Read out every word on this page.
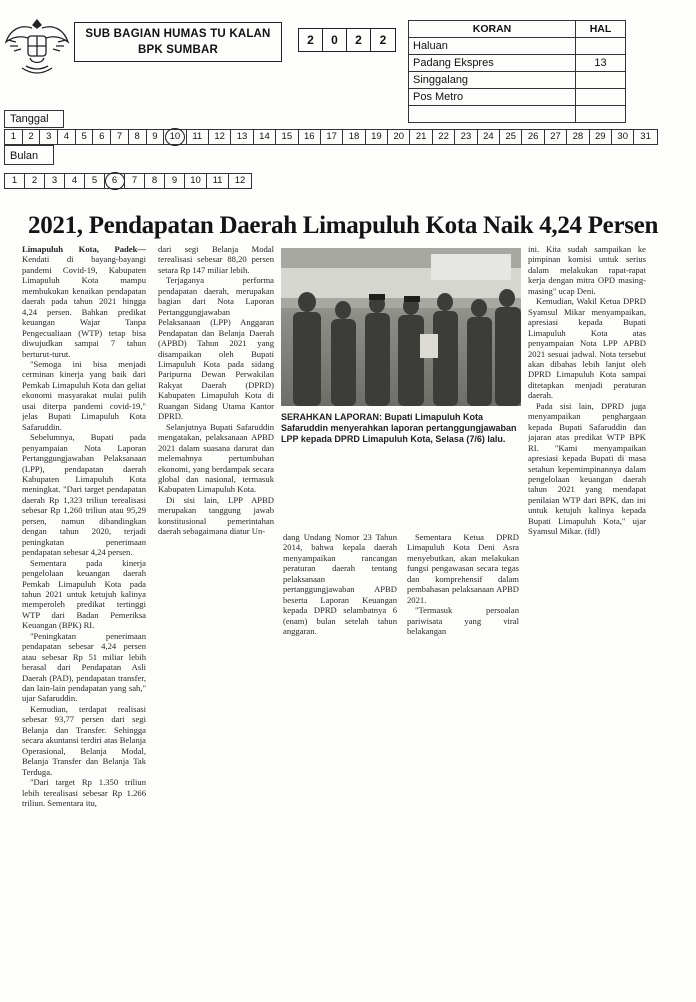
SUB BAGIAN HUMAS TU KALAN
BPK SUMBAR
2	0	2	2
KORAN	HAL
Haluan	
Padang Ekspres	13
Singgalang	
Pos Metro	

Tanggal
1	2	3	4	5	6	7	8	9	10	11	12	13	14	15	16	17	18	19	20	21	22	23	24	25	26	27	28	29	30	31
Bulan
1	2	3	4	5	6	7	8	9	10	11	12
2021, Pendapatan Daerah Limapuluh Kota Naik 4,24 Persen

Limapuluh Kota, Padek— Kendati di bayang-bayangi pandemi Covid-19, Kabupaten Limapuluh Kota mampu membukukan kenaikan pendapatan daerah pada tahun 2021 hingga 4,24 persen. Bahkan predikat keuangan Wajar Tanpa Pengecualiaan (WTP) tetap bisa diwujudkan sampai 7 tahun berturut-turut.

"Semoga ini bisa menjadi cerminan kinerja yang baik dari Pemkab Limapuluh Kota dan geliat ekonomi masyarakat mulai pulih usai diterpa pandemi covid-19," jelas Bupati Limapuluh Kota Safaruddin.

Sebelumnya, Bupati pada penyampaian Nota Laporan Pertanggungjawaban Pelaksanaan (LPP), pendapatan daerah Kabupaten Limapuluh Kota meningkat. "Dari target pendapatan daerah Rp 1,323 triliun terealisasi sebesar Rp 1,260 triliun atau 95,29 persen, namun dibandingkan dengan tahun 2020, terjadi peningkatan penerimaan pendapatan sebesar 4,24 persen.

Sementara pada kinerja pengelolaan keuangan daerah Pemkab Limapuluh Kota pada tahun 2021 untuk ketujuh kalinya memperoleh predikat tertinggi WTP dari Badan Pemeriksa Keuangan (BPK) RI.

"Peningkatan penerimaan pendapatan sebesar 4,24 persen atau sebesar Rp 51 miliar lebih berasal dari Pendapatan Asli Daerah (PAD), pendapatan transfer, dan lain-lain pendapatan yang sah," ujar Safaruddin.

Kemudian, terdapat realisasi sebesar 93,77 persen dari segi Belanja dan Transfer. Sehingga secara akuntansi terdiri atas Belanja Operasional, Belanja Modal, Belanja Transfer dan Belanja Tak Terduga.

"Dari target Rp 1.350 triliun lebih terealisasi sebesar Rp 1.266 triliun. Sementara itu,

dari segi Belanja Modal terealisasi sebesar 88,20 persen setara Rp 147 miliar lebih.

Terjaganya performa pendapatan daerah, merupakan bagian dari Nota Laporan Pertanggungjawaban Pelaksanaan (LPP) Anggaran Pendapatan dan Belanja Daerah (APBD) Tahun 2021 yang disampaikan oleh Bupati Limapuluh Kota pada sidang Paripurna Dewan Perwakilan Rakyat Daerah (DPRD) Kabupaten Limapuluh Kota di Ruangan Sidang Utama Kantor DPRD.

Selanjutnya Bupati Safaruddin mengatakan, pelaksanaan APBD 2021 dalam suasana darurat dan melemahnya pertumbuhan ekonomi, yang berdampak secara global dan nasional, termasuk Kabupaten Limapuluh Kota.

Di sisi lain, LPP APBD merupakan tanggung jawab konstitusional pemerintahan daerah sebagaimana diatur Un-

SERAHKAN LAPORAN: Bupati Limapuluh Kota Safaruddin menyerahkan laporan pertanggungjawaban LPP kepada DPRD Limapuluh Kota, Selasa (7/6) lalu.

dang Undang Nomor 23 Tahun 2014, bahwa kepala daerah menyampaikan rancangan peraturan daerah tentang pelaksanaan pertanggungjawaban APBD beserta Laporan Keuangan kepada DPRD selambatnya 6 (enam) bulan setelah tahun anggaran.

Sementara Ketua DPRD Limapuluh Kota Deni Asra menyebutkan, akan melakukan fungsi pengawasan secara tegas dan komprehensif dalam pembahasan pelaksanaan APBD 2021.

"Termasuk persoalan pariwisata yang viral belakangan

ini. Kita sudah sampaikan ke pimpinan komisi untuk serius dalam melakukan rapat-rapat kerja dengan mitra OPD masing-masing" ucap Deni.

Kemudian, Wakil Ketua DPRD Syamsul Mikar menyampaikan, apresiasi kepada Bupati Limapuluh Kota atas penyampaian Nota LPP APBD 2021 sesuai jadwal. Nota tersebut akan dibahas lebih lanjut oleh DPRD Limapuluh Kota sampai ditetapkan menjadi peraturan daerah.

Pada sisi lain, DPRD juga menyampaikan penghargaan kepada Bupati Safaruddin dan jajaran atas predikat WTP BPK RI. "Kami menyampaikan apresiasi kepada Bupati di masa setahun kepemimpinannya dalam pengelolaan keuangan daerah tahun 2021 yang mendapat penilaian WTP dari BPK, dan ini untuk ketujuh kalinya kepada Bupati Limapuluh Kota," ujar Syamsul Mikar. (fdl)
